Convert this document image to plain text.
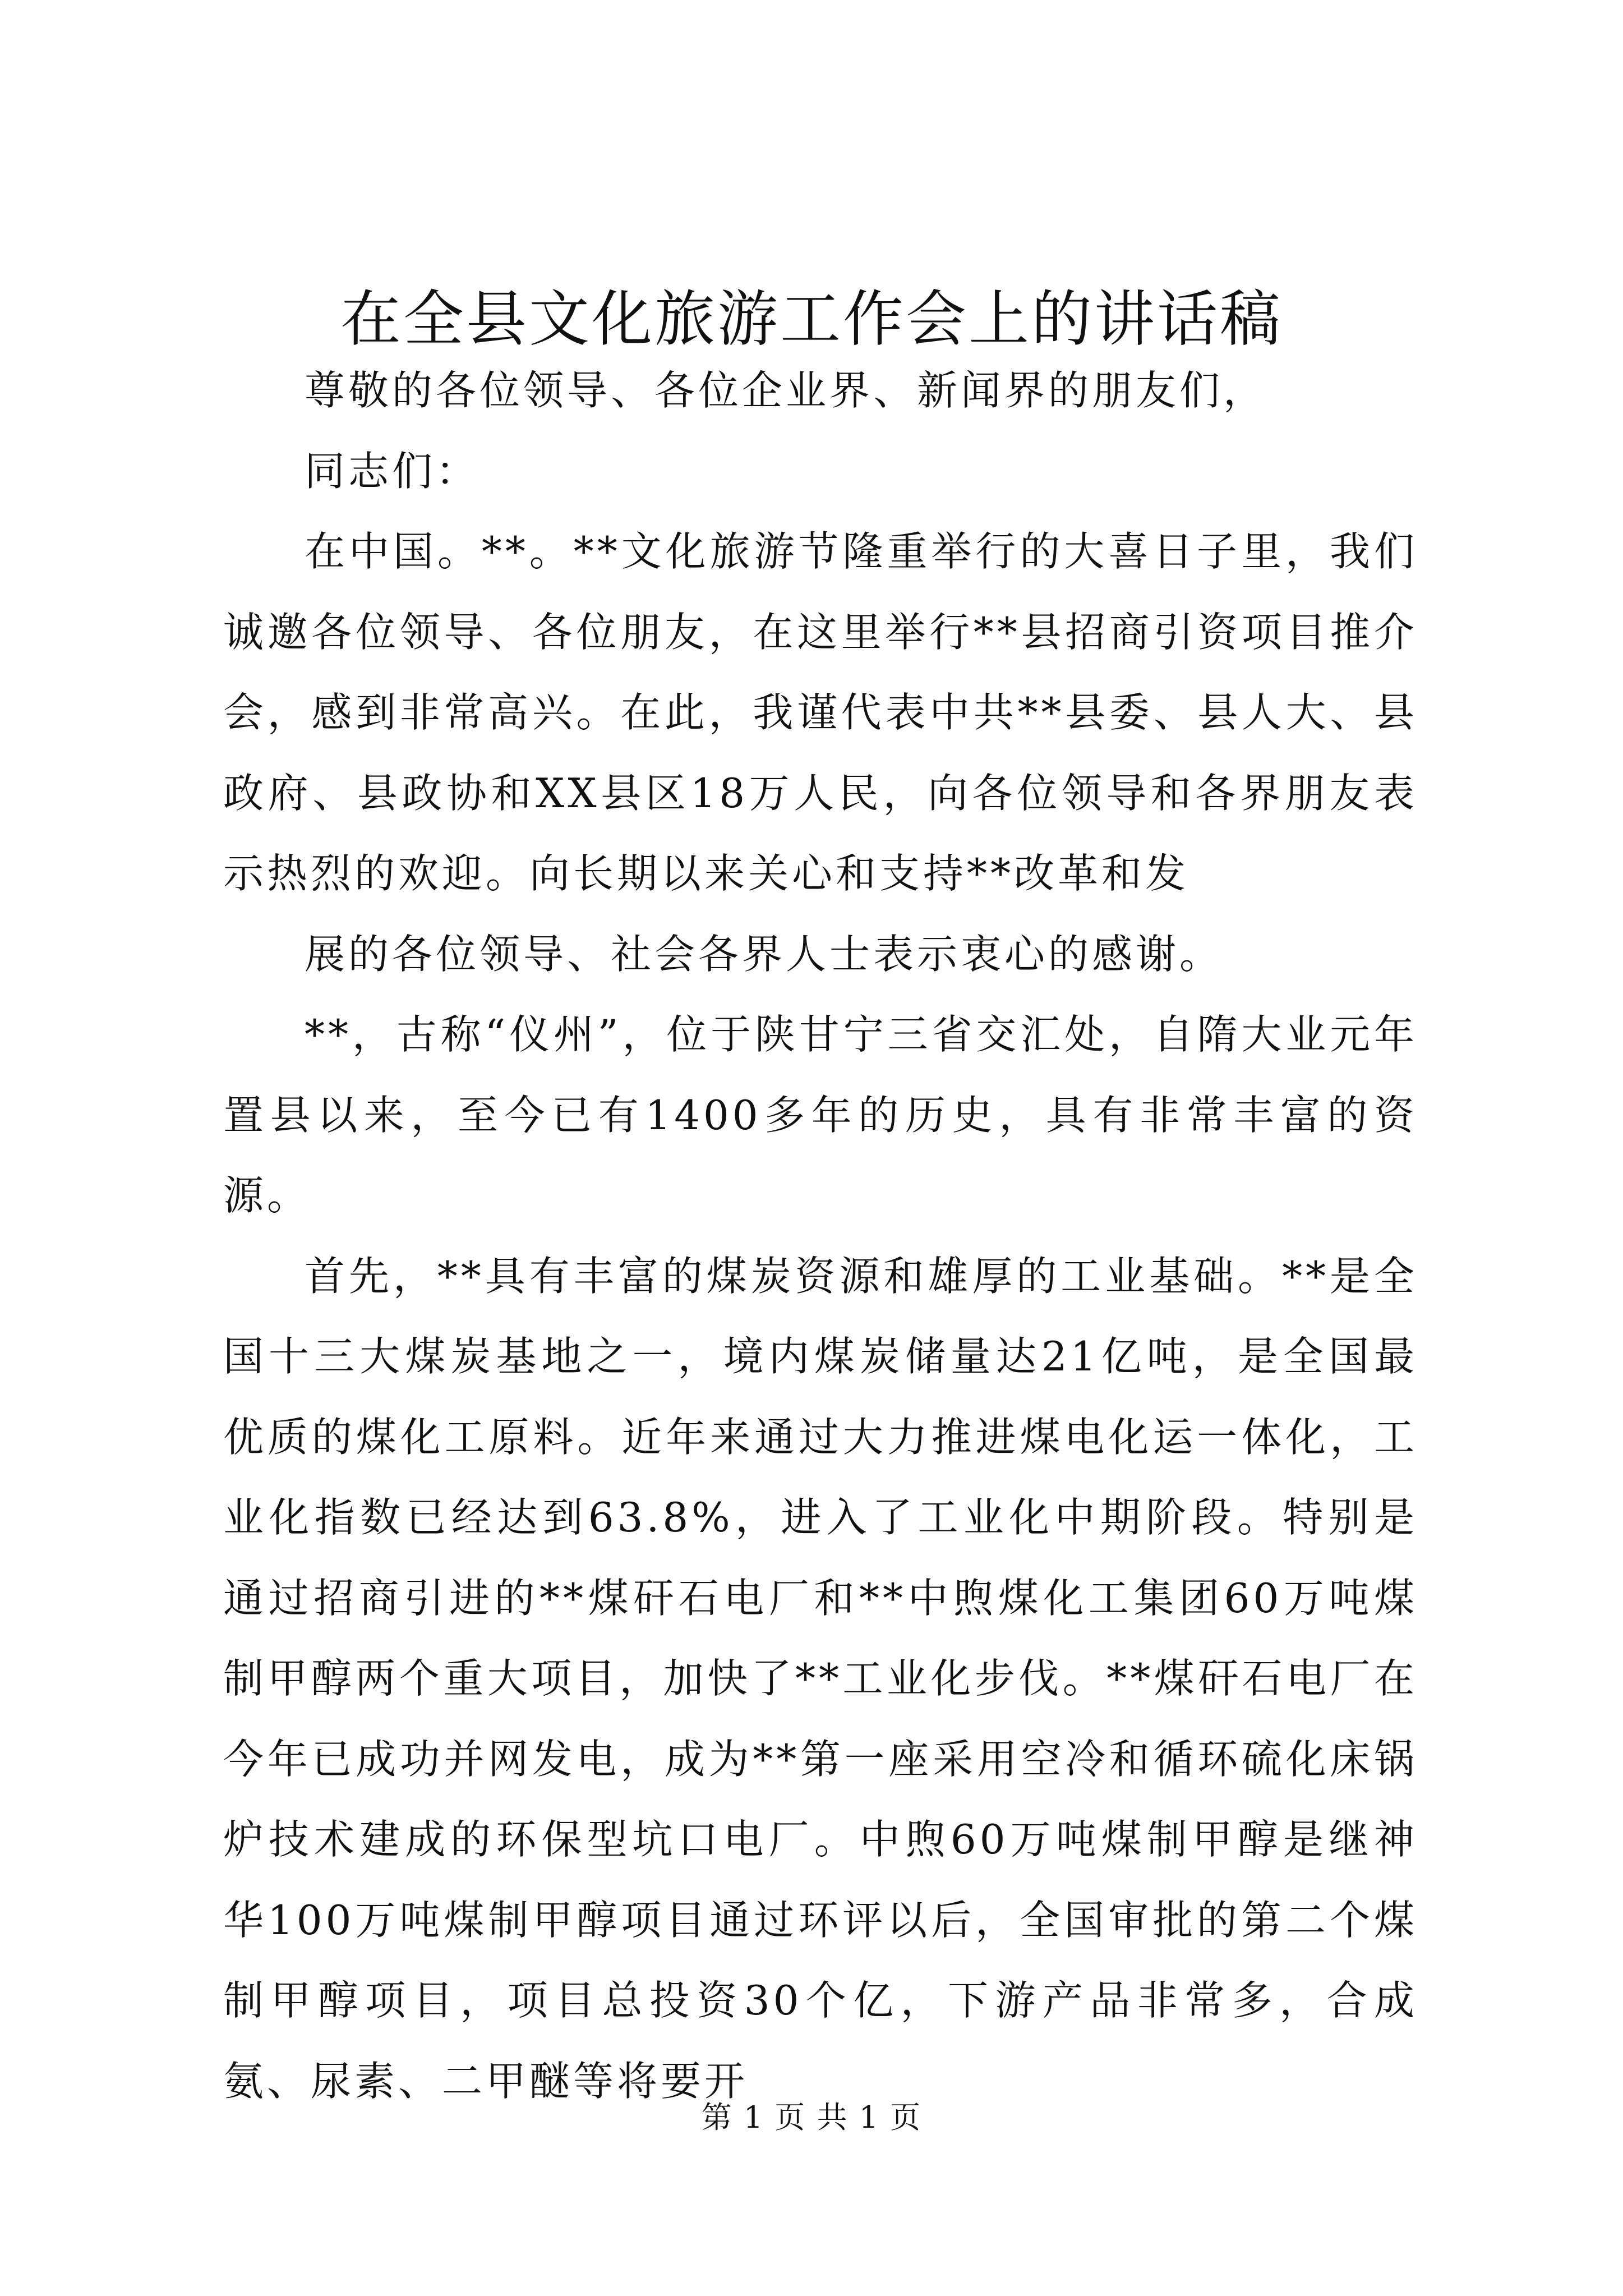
在全县文化旅游工作会上的讲话稿

尊敬的各位领导、各位企业界、新闻界的朋友们，

同志们：

在中国。**。**文化旅游节隆重举行的大喜日子里，我们诚邀各位领导、各位朋友，在这里举行**县招商引资项目推介会，感到非常高兴。在此，我谨代表中共**县委、县人大、县政府、县政协和XX县区18万人民，向各位领导和各界朋友表示热烈的欢迎。向长期以来关心和支持**改革和发

展的各位领导、社会各界人士表示衷心的感谢。

**，古称“仪州”，位于陕甘宁三省交汇处，自隋大业元年置县以来，至今已有1400多年的历史，具有非常丰富的资源。

首先，**具有丰富的煤炭资源和雄厚的工业基础。**是全国十三大煤炭基地之一，境内煤炭储量达21亿吨，是全国最优质的煤化工原料。近年来通过大力推进煤电化运一体化，工业化指数已经达到63.8%，进入了工业化中期阶段。特别是通过招商引进的**煤矸石电厂和**中煦煤化工集团60万吨煤制甲醇两个重大项目，加快了**工业化步伐。**煤矸石电厂在今年已成功并网发电，成为**第一座采用空冷和循环硫化床锅炉技术建成的环保型坑口电厂。中煦60万吨煤制甲醇是继神华100万吨煤制甲醇项目通过环评以后，全国审批的第二个煤制甲醇项目，项目总投资30个亿，下游产品非常多，合成氨、尿素、二甲醚等将要开

第 1 页 共 1 页
